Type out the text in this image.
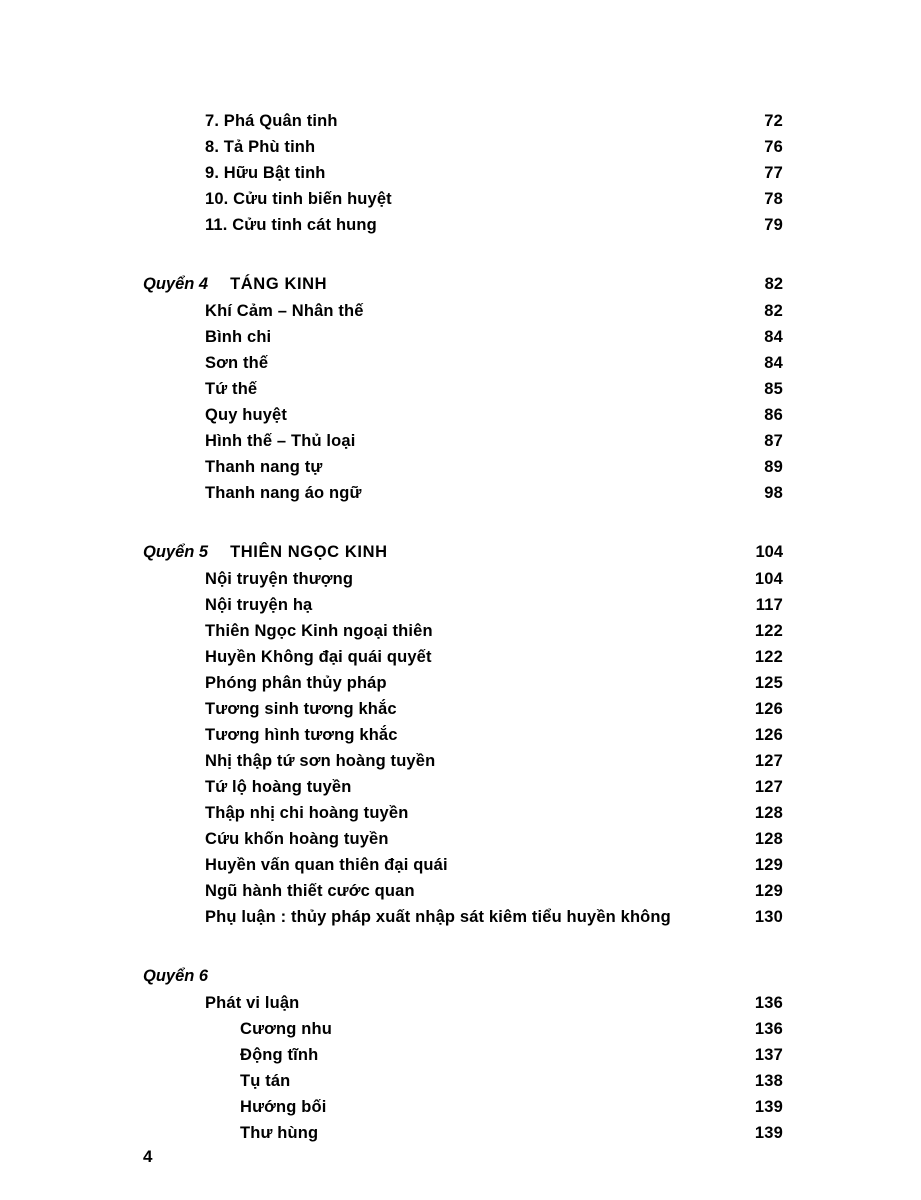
7. Phá Quân tinh	72
8. Tả Phù tinh	76
9. Hữu Bật tinh	77
10. Cửu tinh biến huyệt	78
11. Cửu tinh cát hung	79
Quyển 4 TÁNG KINH	82
Khí Cảm – Nhân thế	82
Bình chi	84
Sơn thế	84
Tứ thế	85
Quy huyệt	86
Hình thế – Thủ loại	87
Thanh nang tự	89
Thanh nang áo ngữ	98
Quyển 5 THIÊN NGỌC KINH	104
Nội truyện thượng	104
Nội truyện hạ	117
Thiên Ngọc Kinh ngoại thiên	122
Huyền Không đại quái quyết	122
Phóng phân thủy pháp	125
Tương sinh tương khắc	126
Tương hình tương khắc	126
Nhị thập tứ sơn hoàng tuyền	127
Tứ lộ hoàng tuyền	127
Thập nhị chi hoàng tuyền	128
Cứu khốn hoàng tuyền	128
Huyền vấn quan thiên đại quái	129
Ngũ hành thiết cước quan	129
Phụ luận : thủy pháp xuất nhập sát kiêm tiểu huyền không	130
Quyển 6
Phát vi luận	136
Cương nhu	136
Động tĩnh	137
Tụ tán	138
Hướng bối	139
Thư hùng	139
4
